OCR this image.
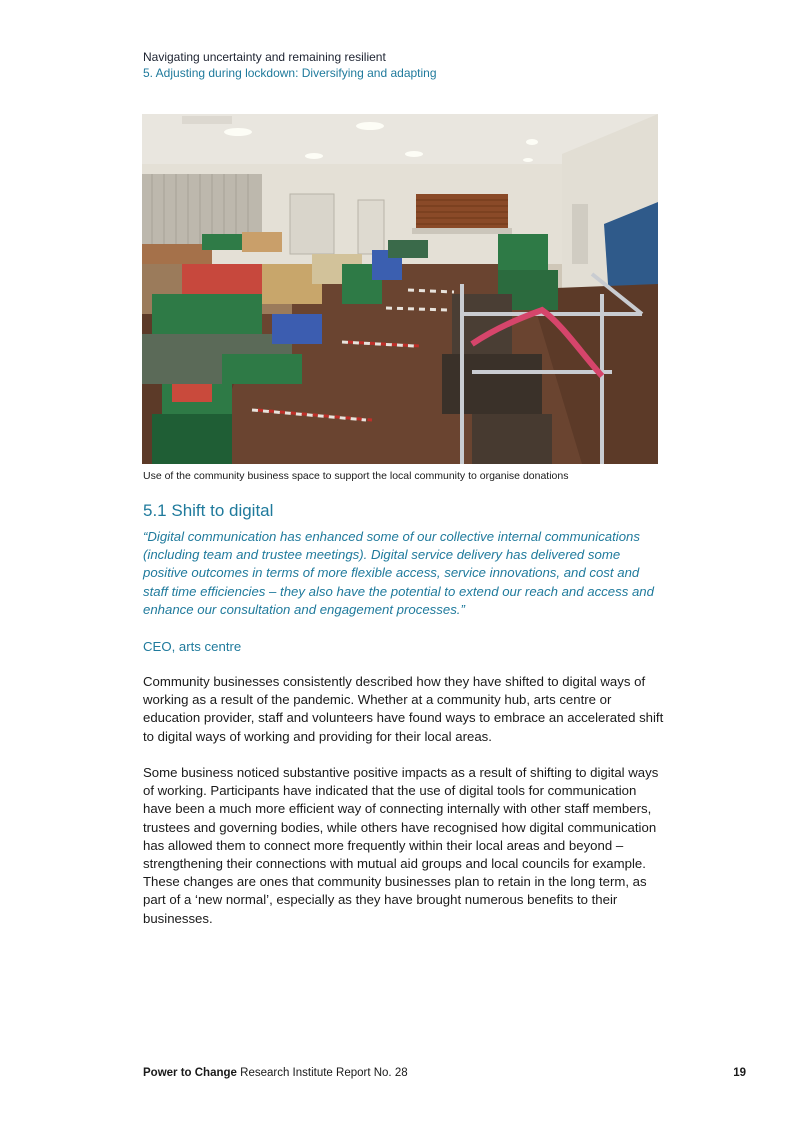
Navigating uncertainty and remaining resilient
5. Adjusting during lockdown: Diversifying and adapting
Use of the community business space to support the local community to organise donations
5.1 Shift to digital

“Digital communication has enhanced some of our collective internal communications (including team and trustee meetings). Digital service delivery has delivered some positive outcomes in terms of more flexible access, service innovations, and cost and staff time efficiencies – they also have the potential to extend our reach and access and enhance our consultation and engagement processes.”

CEO, arts centre

Community businesses consistently described how they have shifted to digital ways of working as a result of the pandemic. Whether at a community hub, arts centre or education provider, staff and volunteers have found ways to embrace an accelerated shift to digital ways of working and providing for their local areas.

Some business noticed substantive positive impacts as a result of shifting to digital ways of working. Participants have indicated that the use of digital tools for communication have been a much more efficient way of connecting internally with other staff members, trustees and governing bodies, while others have recognised how digital communication has allowed them to connect more frequently within their local areas and beyond – strengthening their connections with mutual aid groups and local councils for example. These changes are ones that community businesses plan to retain in the long term, as part of a ‘new normal’, especially as they have brought numerous benefits to their businesses.

Power to Change Research Institute Report No. 28	19
